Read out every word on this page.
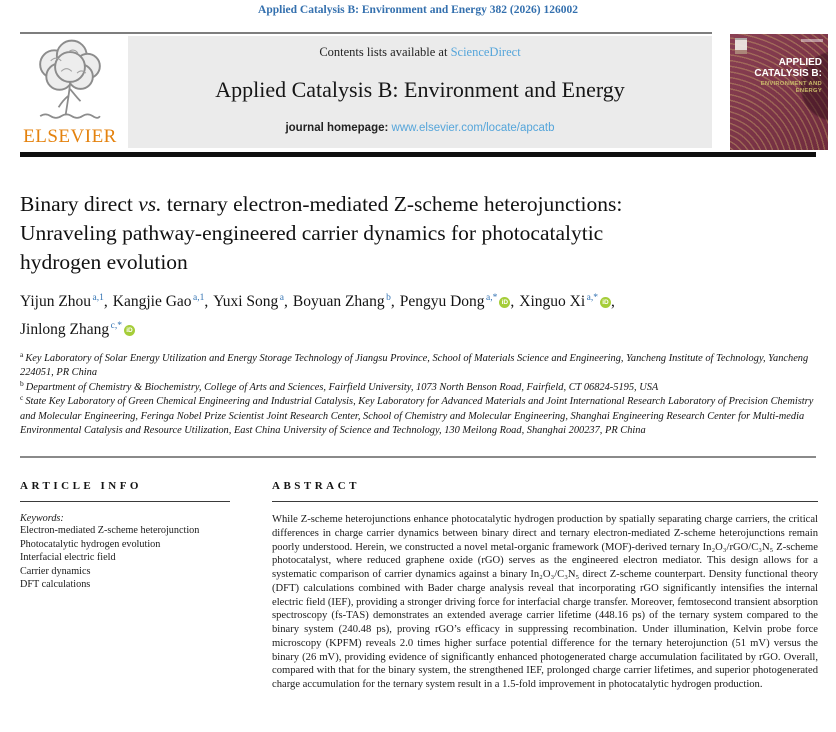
Applied Catalysis B: Environment and Energy 382 (2026) 126002
ELSEVIER
Contents lists available at ScienceDirect
Applied Catalysis B: Environment and Energy
journal homepage: www.elsevier.com/locate/apcatb
APPLIED CATALYSIS B:
ENVIRONMENT AND ENERGY
Binary direct vs. ternary electron-mediated Z-scheme heterojunctions:
Unraveling pathway-engineered carrier dynamics for photocatalytic
hydrogen evolution
Yijun Zhou $^{a,1}$, Kangjie Gao $^{a,1}$, Yuxi Song $^a$, Boyuan Zhang $^b$, Pengyu Dong $^{a,*}$ iD , Xinguo Xi $^{a,*}$ iD ,
Jinlong Zhang $^{c,*}$ iD
$^a$ Key Laboratory of Solar Energy Utilization and Energy Storage Technology of Jiangsu Province, School of Materials Science and Engineering, Yancheng Institute of Technology, Yancheng 224051, PR China
$^b$ Department of Chemistry & Biochemistry, College of Arts and Sciences, Fairfield University, 1073 North Benson Road, Fairfield, CT 06824-5195, USA
$^c$ State Key Laboratory of Green Chemical Engineering and Industrial Catalysis, Key Laboratory for Advanced Materials and Joint International Research Laboratory of Precision Chemistry and Molecular Engineering, Feringa Nobel Prize Scientist Joint Research Center, School of Chemistry and Molecular Engineering, Shanghai Engineering Research Center for Multi-media Environmental Catalysis and Resource Utilization, East China University of Science and Technology, 130 Meilong Road, Shanghai 200237, PR China
ARTICLE INFO
Keywords:
Electron-mediated Z-scheme heterojunction
Photocatalytic hydrogen evolution
Interfacial electric field
Carrier dynamics
DFT calculations
ABSTRACT
While Z-scheme heterojunctions enhance photocatalytic hydrogen production by spatially separating charge carriers, the critical differences in charge carrier dynamics between binary direct and ternary electron-mediated Z-scheme heterojunctions remain poorly understood. Herein, we constructed a novel metal-organic framework (MOF)-derived ternary In₂O₃/rGO/C₃N₅ Z-scheme photocatalyst, where reduced graphene oxide (rGO) serves as the engineered electron mediator. This design allows for a systematic comparison of carrier dynamics against a binary In₂O₃/C₃N₅ direct Z-scheme counterpart. Density functional theory (DFT) calculations combined with Bader charge analysis reveal that incorporating rGO significantly intensifies the internal electric field (IEF), providing a stronger driving force for interfacial charge transfer. Moreover, femtosecond transient absorption spectroscopy (fs-TAS) demonstrates an extended average carrier lifetime (448.16 ps) of the ternary system compared to the binary system (240.48 ps), proving rGO’s efficacy in suppressing recombination. Under illumination, Kelvin probe force microscopy (KPFM) reveals 2.0 times higher surface potential difference for the ternary heterojunction (51 mV) versus the binary (26 mV), providing evidence of significantly enhanced photogenerated charge accumulation facilitated by rGO. Overall, compared with that for the binary system, the strengthened IEF, prolonged charge carrier lifetimes, and superior photogenerated charge accumulation for the ternary system result in a 1.5-fold improvement in photocatalytic hydrogen production.
